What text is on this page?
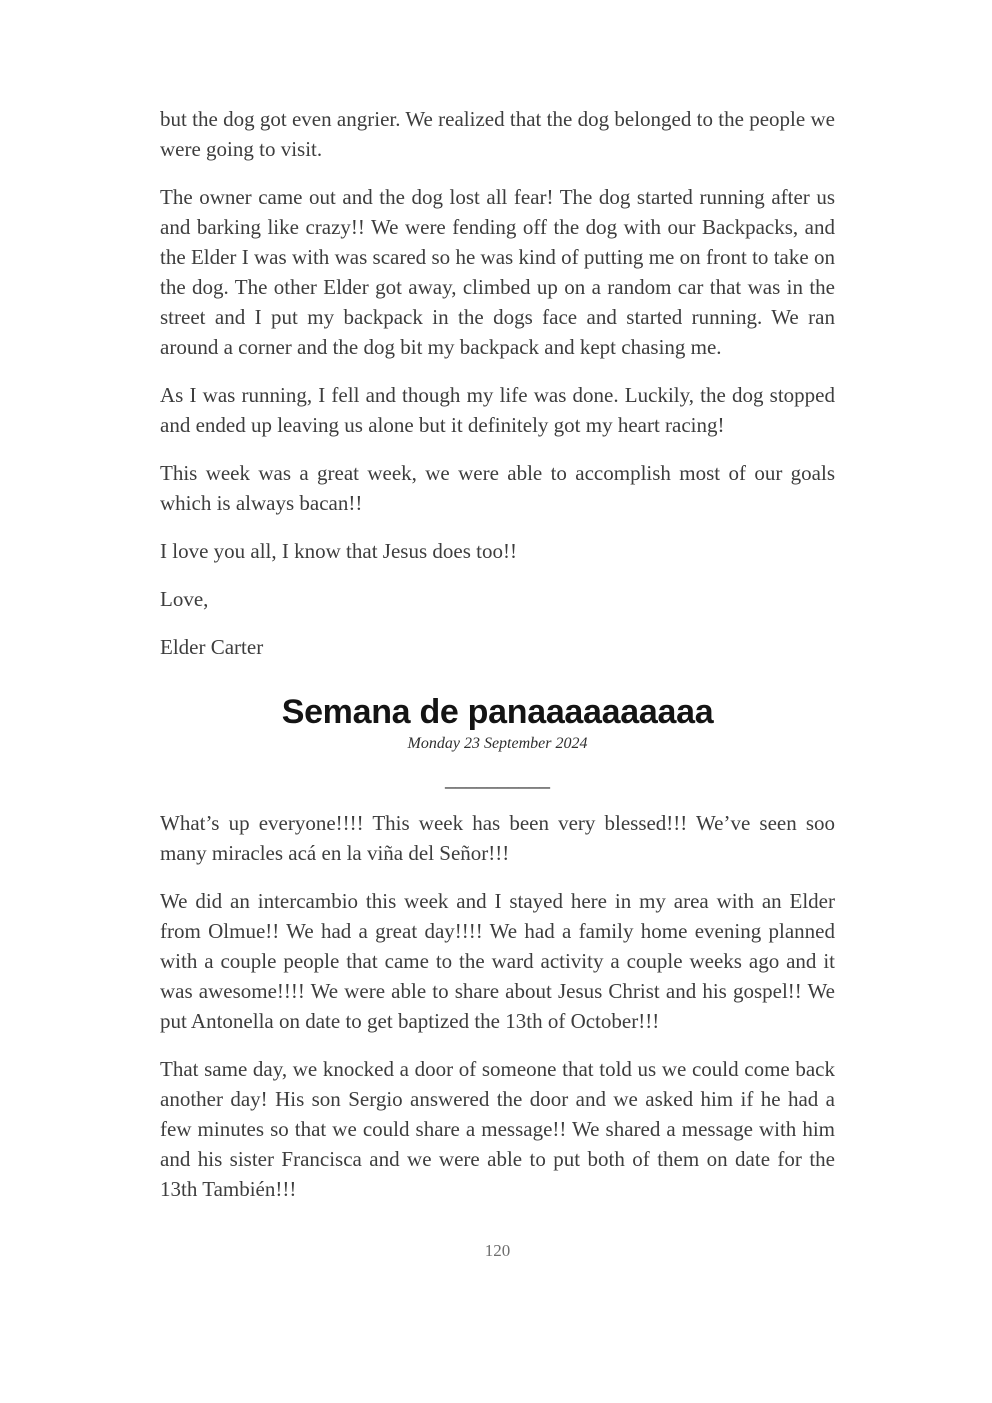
but the dog got even angrier. We realized that the dog belonged to the people we were going to visit.

The owner came out and the dog lost all fear! The dog started running after us and barking like crazy!! We were fending off the dog with our Backpacks, and the Elder I was with was scared so he was kind of putting me on front to take on the dog. The other Elder got away, climbed up on a random car that was in the street and I put my backpack in the dogs face and started running. We ran around a corner and the dog bit my backpack and kept chasing me.

As I was running, I fell and though my life was done. Luckily, the dog stopped and ended up leaving us alone but it definitely got my heart racing!

This week was a great week, we were able to accomplish most of our goals which is always bacan!!

I love you all, I know that Jesus does too!!

Love,

Elder Carter

Semana de panaaaaaaaaaa
Monday 23 September 2024
__________

What’s up everyone!!!! This week has been very blessed!!! We’ve seen soo many miracles acá en la viña del Señor!!!

We did an intercambio this week and I stayed here in my area with an Elder from Olmue!! We had a great day!!!! We had a family home evening planned with a couple people that came to the ward activity a couple weeks ago and it was awesome!!!! We were able to share about Jesus Christ and his gospel!! We put Antonella on date to get baptized the 13th of October!!!

That same day, we knocked a door of someone that told us we could come back another day! His son Sergio answered the door and we asked him if he had a few minutes so that we could share a message!! We shared a message with him and his sister Francisca and we were able to put both of them on date for the 13th También!!!

120
